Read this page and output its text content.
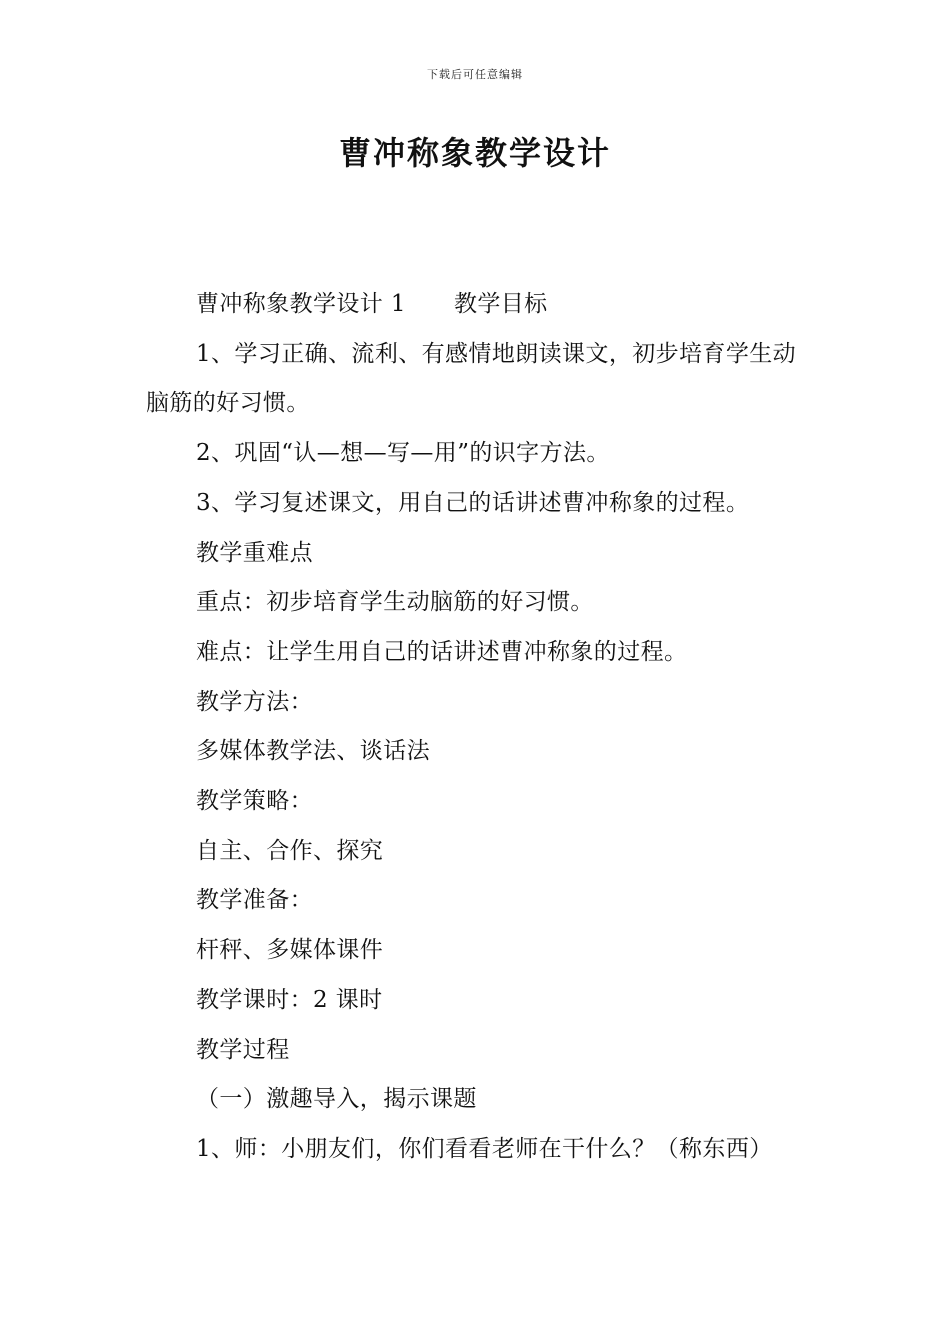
下载后可任意编辑
曹冲称象教学设计

曹冲称象教学设计 1 教学目标

1、学习正确、流利、有感情地朗读课文，初步培育学生动脑筋的好习惯。

2、巩固“认—想—写—用”的识字方法。

3、学习复述课文，用自己的话讲述曹冲称象的过程。

教学重难点

重点：初步培育学生动脑筋的好习惯。

难点：让学生用自己的话讲述曹冲称象的过程。

教学方法：

多媒体教学法、谈话法

教学策略：

自主、合作、探究

教学准备：

杆秤、多媒体课件

教学课时：2 课时

教学过程

（一）激趣导入，揭示课题

1、师：小朋友们，你们看看老师在干什么？（称东西）
